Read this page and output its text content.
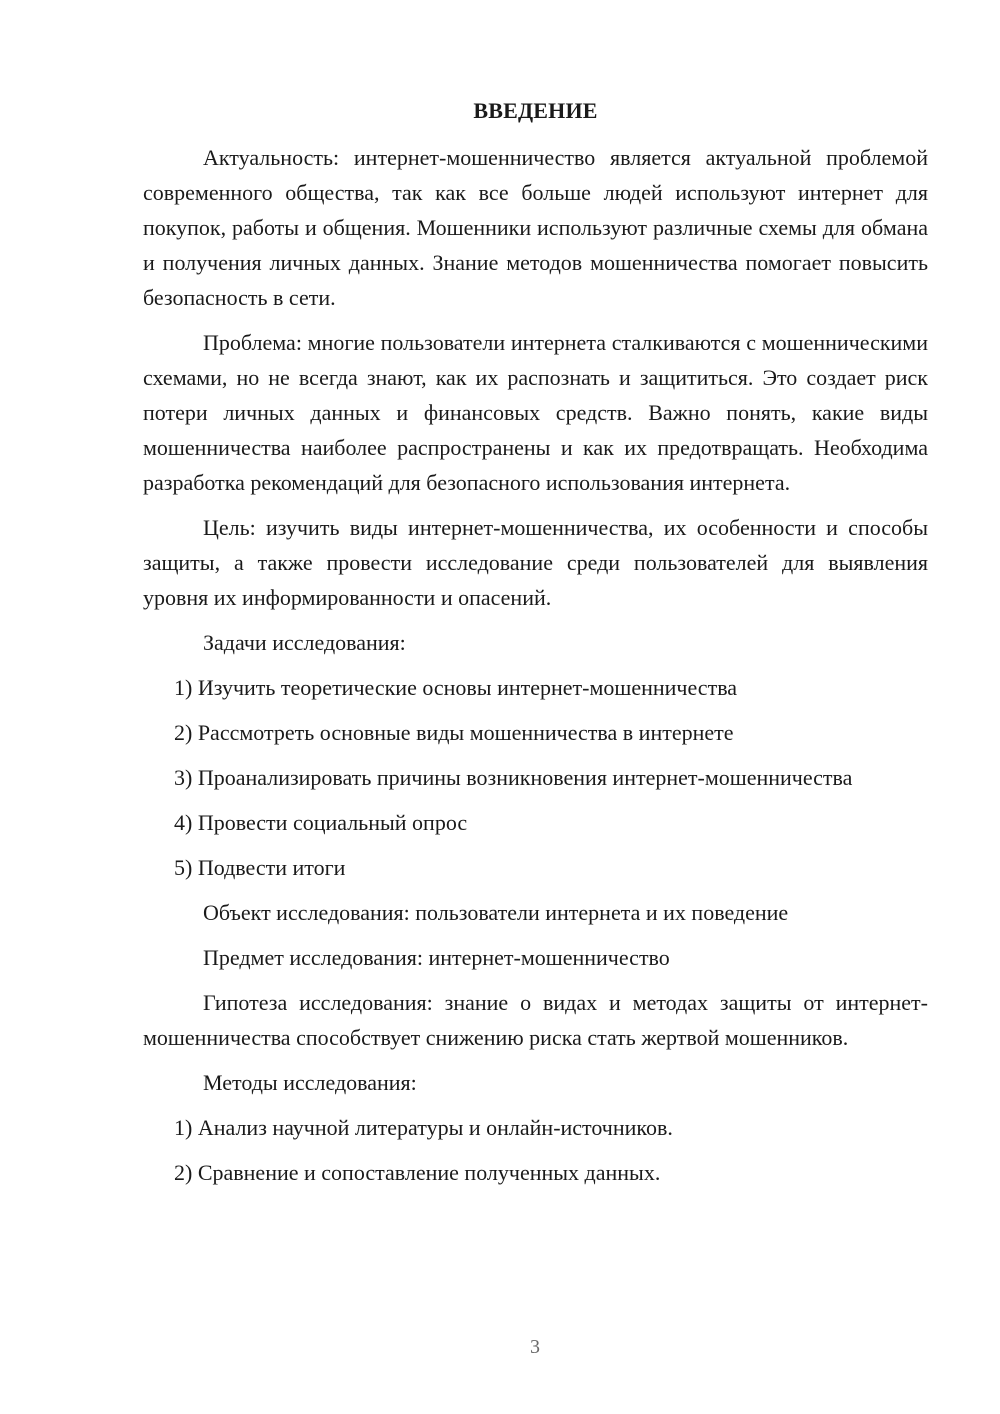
ВВЕДЕНИЕ

Актуальность: интернет-мошенничество является актуальной проблемой современного общества, так как все больше людей используют интернет для покупок, работы и общения. Мошенники используют различные схемы для обмана и получения личных данных. Знание методов мошенничества помогает повысить безопасность в сети.

Проблема: многие пользователи интернета сталкиваются с мошенническими схемами, но не всегда знают, как их распознать и защититься. Это создает риск потери личных данных и финансовых средств. Важно понять, какие виды мошенничества наиболее распространены и как их предотвращать. Необходима разработка рекомендаций для безопасного использования интернета.

Цель: изучить виды интернет-мошенничества, их особенности и способы защиты, а также провести исследование среди пользователей для выявления уровня их информированности и опасений.

Задачи исследования:
1) Изучить теоретические основы интернет-мошенничества
2) Рассмотреть основные виды мошенничества в интернете
3) Проанализировать причины возникновения интернет-мошенничества
4) Провести социальный опрос
5) Подвести итоги
Объект исследования: пользователи интернета и их поведение
Предмет исследования: интернет-мошенничество

Гипотеза исследования: знание о видах и методах защиты от интернет-мошенничества способствует снижению риска стать жертвой мошенников.

Методы исследования:
1) Анализ научной литературы и онлайн-источников.
2) Сравнение и сопоставление полученных данных.
3
